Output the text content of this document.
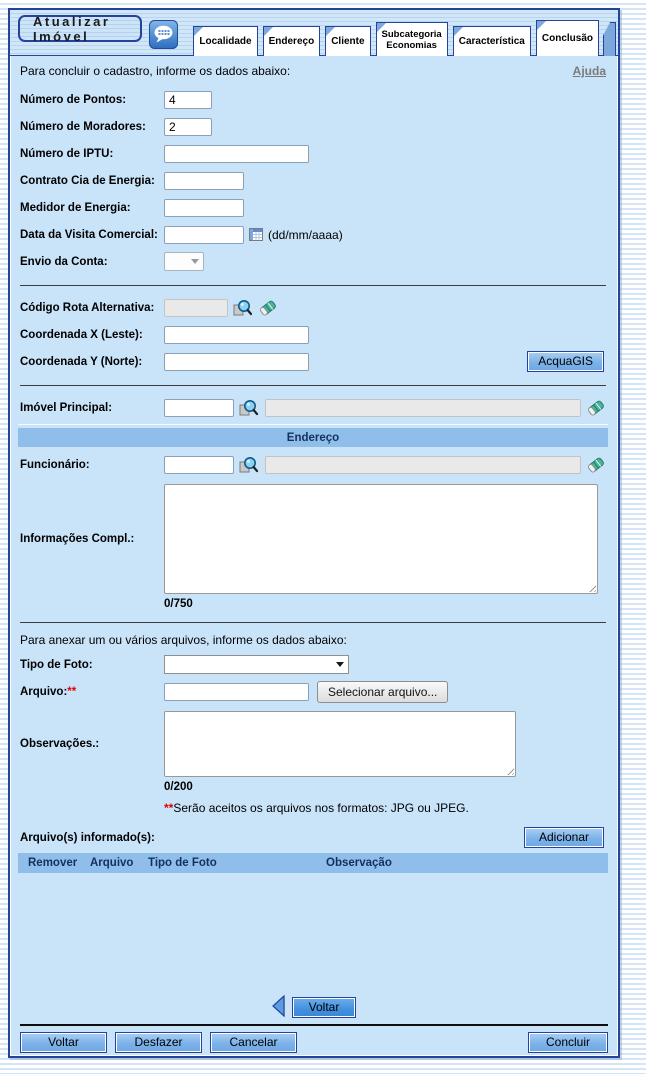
Atualizar Imóvel	Localidade Endereço Cliente
Subcategoria
Economias	Característica Conclusão
Para concluir o cadastro, informe os dados abaixo:	Ajuda
Número de Pontos:
4
Número de Moradores:
2
Número de IPTU:
Contrato Cia de Energia:
Medidor de Energia:
Data da Visita Comercial:	(dd/mm/aaaa)
Envio da Conta:
Código Rota Alternativa:
Coordenada X (Leste):
Coordenada Y (Norte):	AcquaGIS
Imóvel Principal:
Endereço
Funcionário:
Informações Compl.:
0/750
Para anexar um ou vários arquivos, informe os dados abaixo:
Tipo de Foto:
Arquivo:**	Selecionar arquivo...
Observações.:
0/200
**Serão aceitos os arquivos nos formatos: JPG ou JPEG.
Arquivo(s) informado(s):	Adicionar
Remover	Arquivo	Tipo de Foto	Observação
Voltar
Voltar	Desfazer	Cancelar	Concluir
